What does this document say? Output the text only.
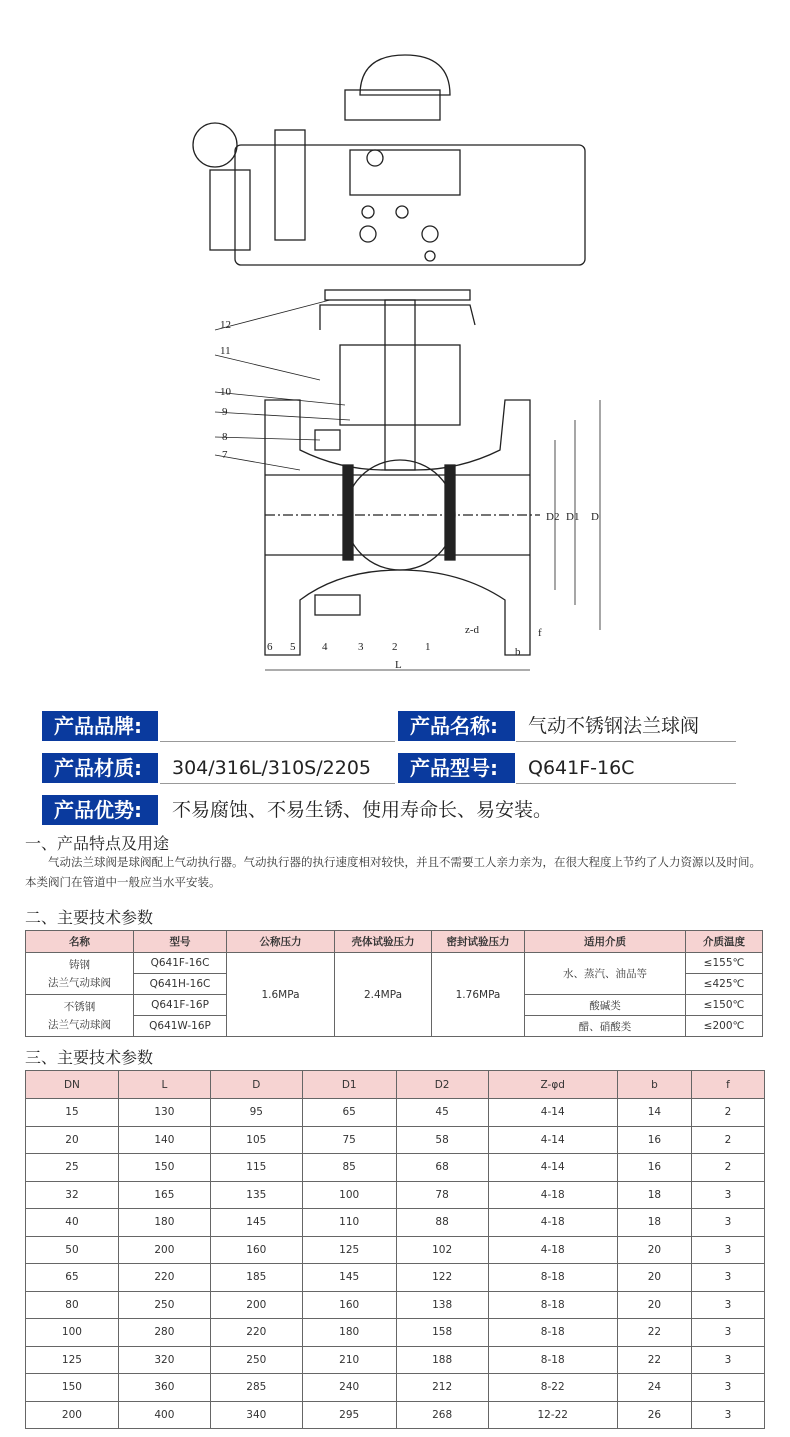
12
11
10
9
8
7
6 5 4	3	2	1
z-d
b
f
L
D2 D1 D
产品品牌:	产品名称:	气动不锈钢法兰球阀
产品材质:	304/316L/310S/2205	产品型号:	Q641F-16C
产品优势:	不易腐蚀、不易生锈、使用寿命长、易安装。
一、产品特点及用途
气动法兰球阀是球阀配上气动执行器。气动执行器的执行速度相对较快，并且不需要工人亲力亲为，在很大程度上节约了人力资源以及时间。本类阀门在管道中一般应当水平安装。
二、主要技术参数
名称	型号	公称压力	壳体试验压力	密封试验压力	适用介质	介质温度
铸钢
法兰气动球阀	Q641F-16C	1.6MPa	2.4MPa	1.76MPa	水、蒸汽、油品等	≤155℃
	Q641H-16C					≤425℃
不锈钢
法兰气动球阀	Q641F-16P				酸碱类	≤150℃
	Q641W-16P				醋、硝酸类	≤200℃
三、主要技术参数
DN	L	D	D1	D2	Z-φd	b	f
15	130	95	65	45	4-14	14	2
20	140	105	75	58	4-14	16	2
25	150	115	85	68	4-14	16	2
32	165	135	100	78	4-18	18	3
40	180	145	110	88	4-18	18	3
50	200	160	125	102	4-18	20	3
65	220	185	145	122	8-18	20	3
80	250	200	160	138	8-18	20	3
100	280	220	180	158	8-18	22	3
125	320	250	210	188	8-18	22	3
150	360	285	240	212	8-22	24	3
200	400	340	295	268	12-22	26	3
